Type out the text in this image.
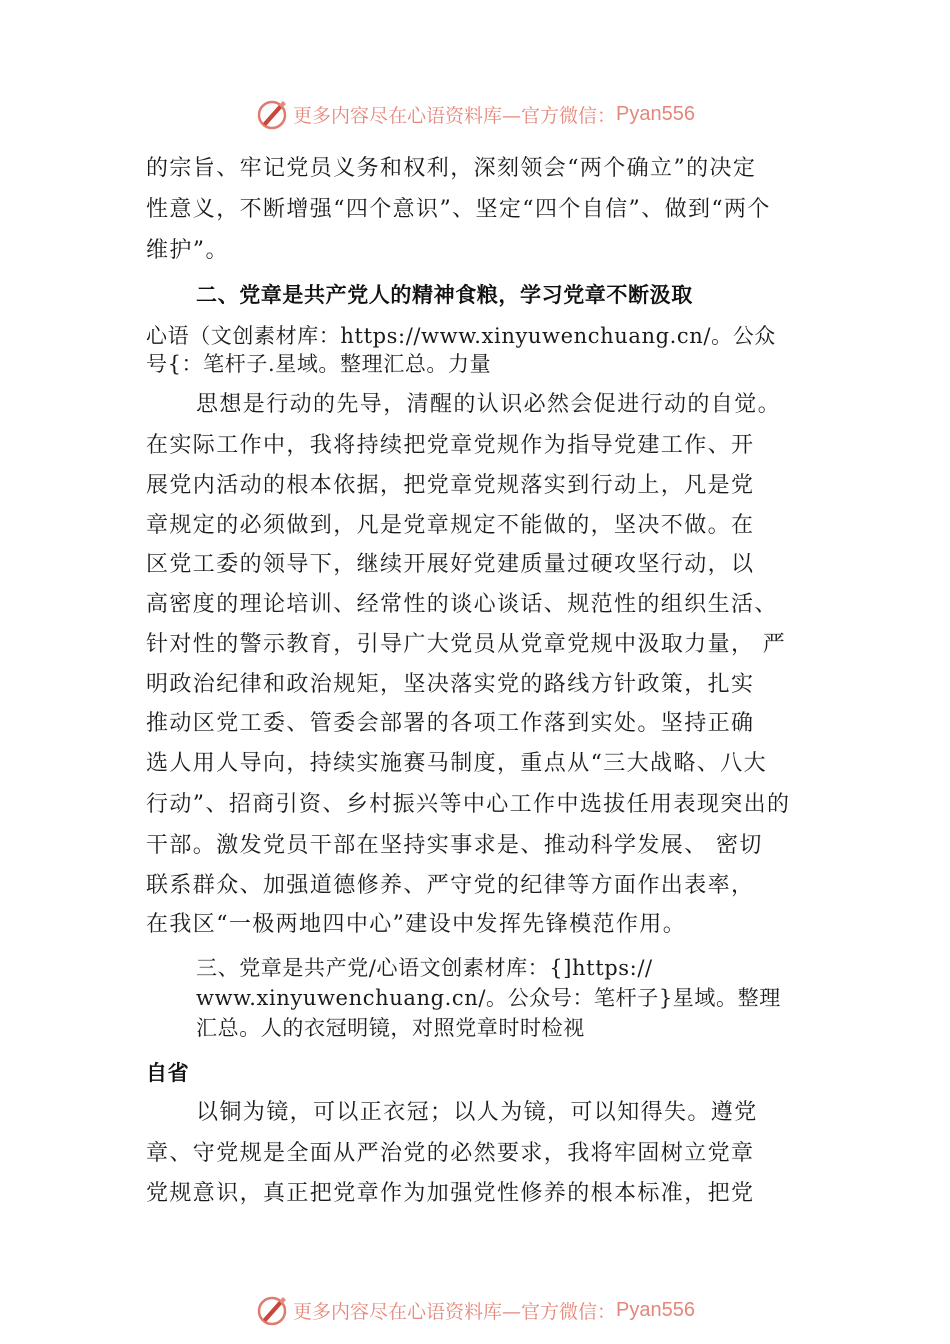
更多内容尽在心语资料库—官方微信： Pyan556
的宗旨、牢记党员义务和权利，深刻领会“两个确立”的决定
性意义，不断增强“四个意识”、坚定“四个自信”、做到“两个
维护”。
二、党章是共产党人的精神食粮，学习党章不断汲取
心语（文创素材库：https://www.xinyuwenchuang.cn/。公众
号{：笔杆子.星域。整理汇总。力量
思想是行动的先导，清醒的认识必然会促进行动的自觉。
在实际工作中，我将持续把党章党规作为指导党建工作、开
展党内活动的根本依据，把党章党规落实到行动上，凡是党
章规定的必须做到，凡是党章规定不能做的，坚决不做。在
区党工委的领导下，继续开展好党建质量过硬攻坚行动，以
高密度的理论培训、经常性的谈心谈话、规范性的组织生活、
针对性的警示教育，引导广大党员从党章党规中汲取力量， 严
明政治纪律和政治规矩，坚决落实党的路线方针政策，扎实
推动区党工委、管委会部署的各项工作落到实处。坚持正确
选人用人导向，持续实施赛马制度，重点从“三大战略、八大
行动”、招商引资、乡村振兴等中心工作中选拔任用表现突出的
干部。激发党员干部在坚持实事求是、推动科学发展、 密切
联系群众、加强道德修养、严守党的纪律等方面作出表率，
在我区“一极两地四中心”建设中发挥先锋模范作用。
三、党章是共产党/心语文创素材库：{]https://
www.xinyuwenchuang.cn/。公众号：笔杆子}星域。整理
汇总。人的衣冠明镜，对照党章时时检视
自省
以铜为镜，可以正衣冠；以人为镜，可以知得失。遵党
章、守党规是全面从严治党的必然要求，我将牢固树立党章
党规意识，真正把党章作为加强党性修养的根本标准，把党
更多内容尽在心语资料库—官方微信： Pyan556
